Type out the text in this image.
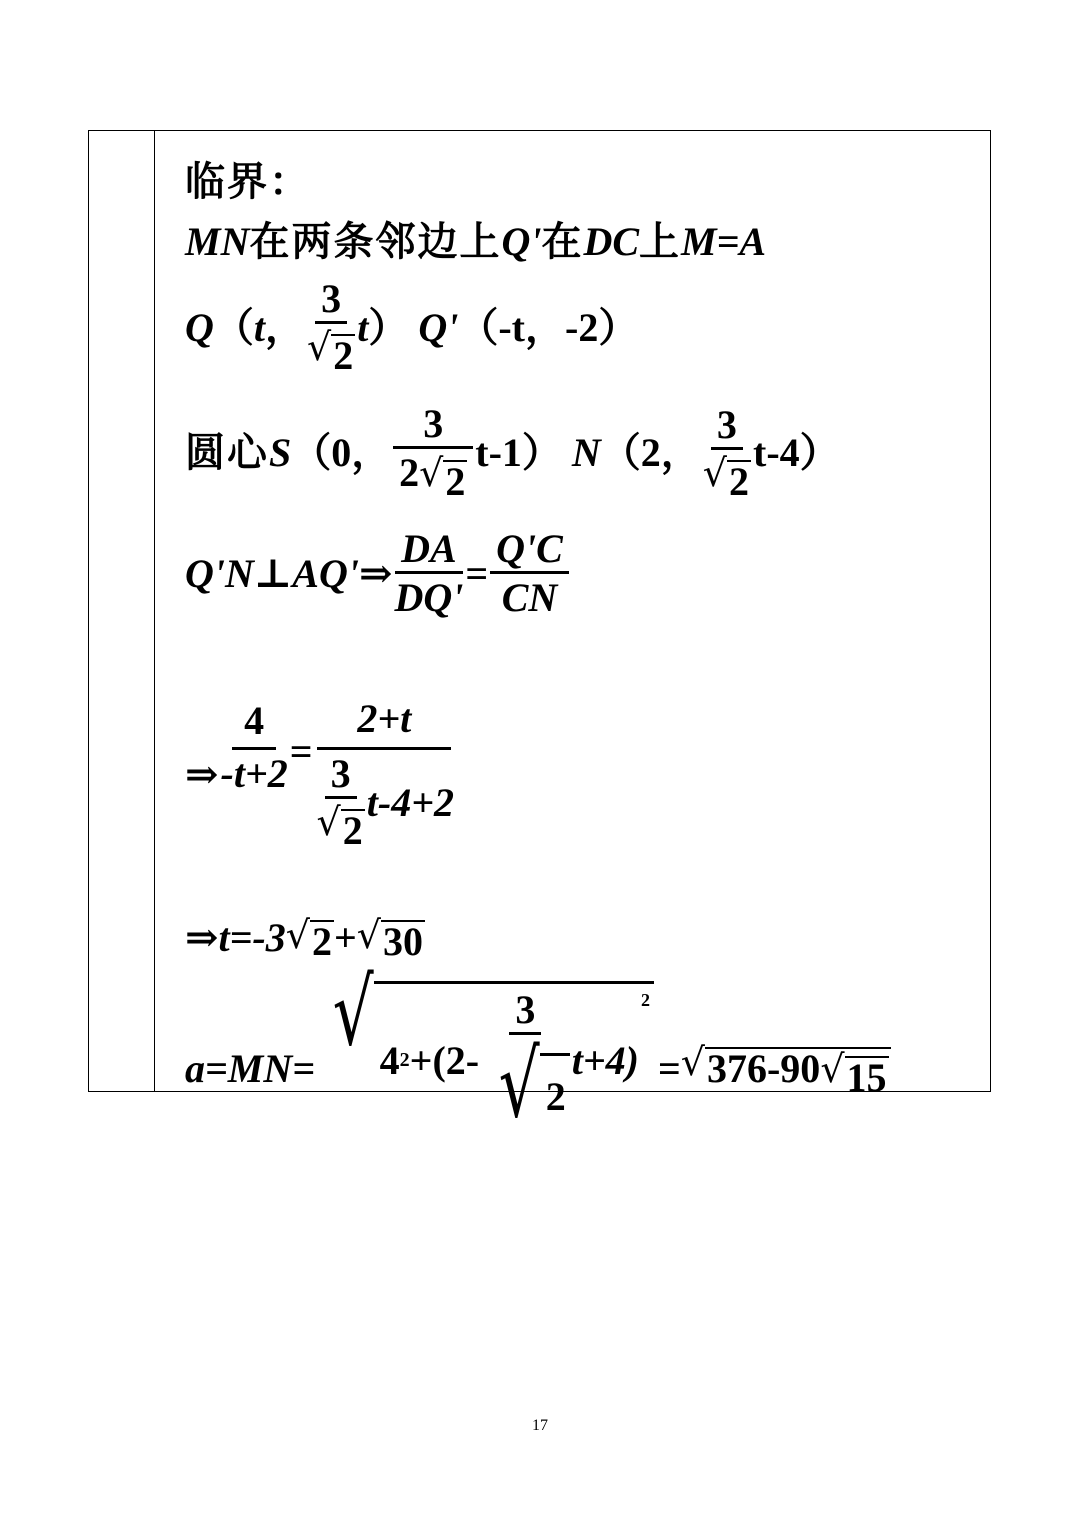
临界：
MN 在两条邻边上 Q' 在 DC 上 M=A
Q （ t ， $\frac{3}{√ 2}$ t ） Q' （-t，-2）
圆心 S （0， $\frac{3}{2 √ 2} t-1$） N （2， $\frac{3}{√ 2} t-4$）
Q'N⊥AQ'⇒ $\frac{DA}{DQ'} = \frac{Q'C}{CN}$
⇒ $\frac{4}{-t+2} = \frac{2+t}{\frac{3}{√ 2} t-4+2}$
⇒t=-3 √ 2 + √ 30
a=MN=
√ 4 $2 +(2- \frac{3}{√ 2} t+4)$
2
= √ 376-90 √ 15
17
